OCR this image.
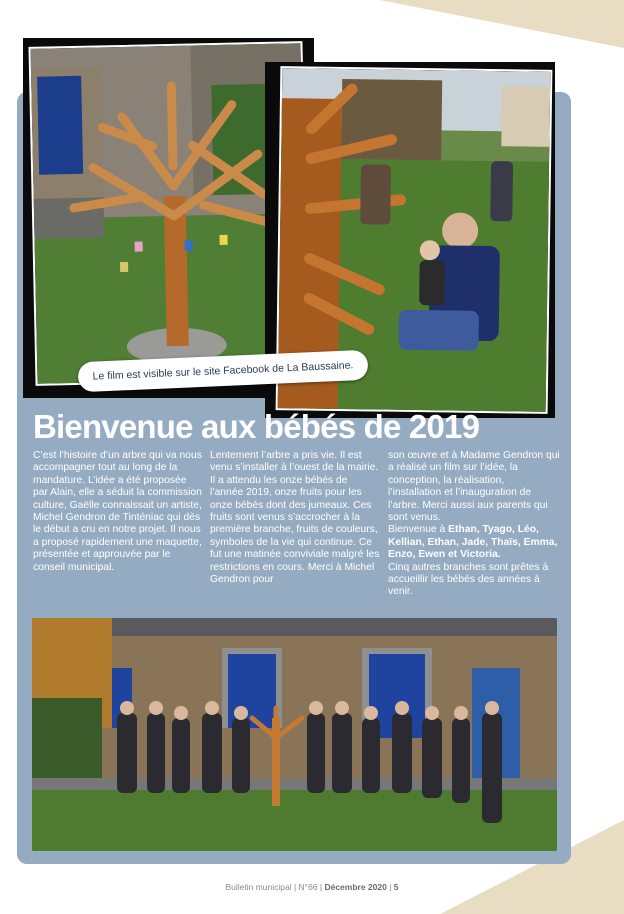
Le film est visible sur le site Facebook de La Baussaine.
Bienvenue aux bébés de 2019

C’est l’histoire d’un arbre qui va nous accompagner tout au long de la mandature. L’idée a été proposée par Alain, elle a séduit la commission culture, Gaëlle connaissait un artiste, Michel Gendron de Tinténiac qui dès le début a cru en notre projet. Il nous a proposé rapidement une maquette, présentée et approuvée par le conseil municipal.

Lentement l’arbre a pris vie. Il est venu s’installer à l’ouest de la mairie. Il a attendu les onze bébés de l’année 2019, onze fruits pour les onze bébés dont des jumeaux. Ces fruits sont venus s’accrocher à la première branche, fruits de couleurs, symboles de la vie qui continue. Ce fut une matinée conviviale malgré les restrictions en cours. Merci à Michel Gendron pour

son œuvre et à Madame Gendron qui a réalisé un film sur l’idée, la conception, la réalisation, l’installation et l’inauguration de l’arbre. Merci aussi aux parents qui sont venus.

Bienvenue à Ethan, Tyago, Léo, Kellian, Ethan, Jade, Thaïs, Emma, Enzo, Ewen et Victoria.

Cinq autres branches sont prêtes à accueillir les bébés des années à venir.

Bulletin municipal | N°66 | Décembre 2020 | 5
